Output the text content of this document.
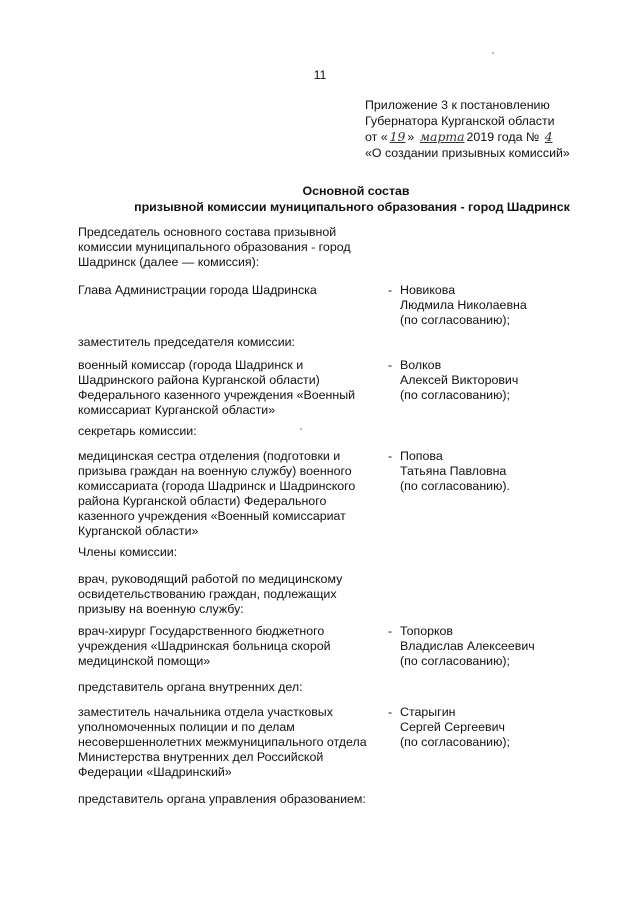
11
Приложение 3 к постановлению
Губернатора Курганской области
от « 19 » марта 2019 года № 4
«О создании призывных комиссий»
Основной состав
призывной комиссии муниципального образования - город Шадринск
Председатель основного состава призывной комиссии муниципального образования - город Шадринск (далее — комиссия):
Глава Администрации города Шадринска	- Новикова
Людмила Николаевна
(по согласованию);
заместитель председателя комиссии:
военный комиссар (города Шадринск и Шадринского района Курганской области) Федерального казенного учреждения «Военный комиссариат Курганской области»
- Волков
Алексей Викторович
(по согласованию);
секретарь комиссии:
медицинская сестра отделения (подготовки и призыва граждан на военную службу) военного комиссариата (города Шадринск и Шадринского района Курганской области) Федерального казенного учреждения «Военный комиссариат Курганской области»
- Попова
Татьяна Павловна
(по согласованию).
Члены комиссии:
врач, руководящий работой по медицинскому освидетельствованию граждан, подлежащих призыву на военную службу:
врач-хирург Государственного бюджетного учреждения «Шадринская больница скорой медицинской помощи»
- Топорков
Владислав Алексеевич
(по согласованию);
представитель органа внутренних дел:
заместитель начальника отдела участковых уполномоченных полиции и по делам несовершеннолетних межмуниципального отдела Министерства внутренних дел Российской Федерации «Шадринский»
- Старыгин
Сергей Сергеевич
(по согласованию);
представитель органа управления образованием:
